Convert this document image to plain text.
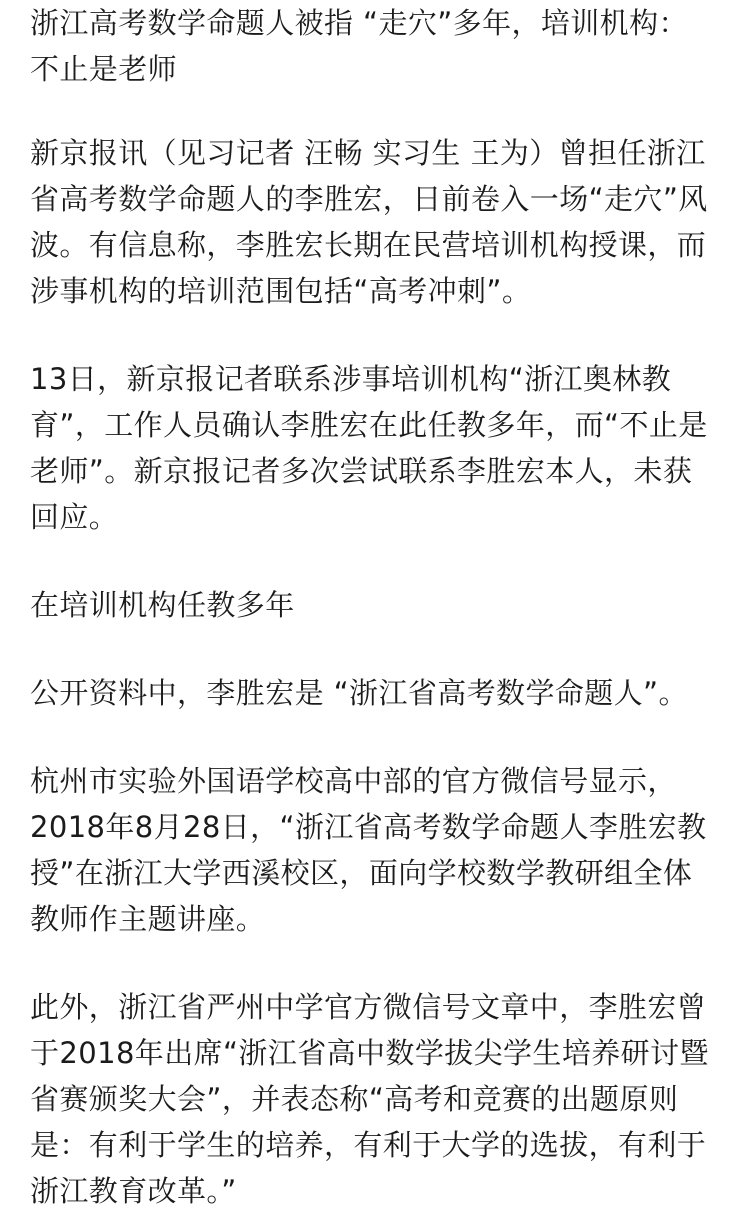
浙江高考数学命题人被指 “走穴”多年，培训机构：不止是老师

新京报讯（见习记者 汪畅 实习生 王为）曾担任浙江省高考数学命题人的李胜宏，日前卷入一场“走穴”风波。有信息称，李胜宏长期在民营培训机构授课，而涉事机构的培训范围包括“高考冲刺”。

13日，新京报记者联系涉事培训机构“浙江奥林教育”，工作人员确认李胜宏在此任教多年，而“不止是老师”。新京报记者多次尝试联系李胜宏本人，未获回应。

在培训机构任教多年

公开资料中，李胜宏是 “浙江省高考数学命题人”。

杭州市实验外国语学校高中部的官方微信号显示，2018年8月28日，“浙江省高考数学命题人李胜宏教授”在浙江大学西溪校区，面向学校数学教研组全体教师作主题讲座。

此外，浙江省严州中学官方微信号文章中，李胜宏曾于2018年出席“浙江省高中数学拔尖学生培养研讨暨省赛颁奖大会”，并表态称“高考和竞赛的出题原则是：有利于学生的培养，有利于大学的选拔，有利于浙江教育改革。”
